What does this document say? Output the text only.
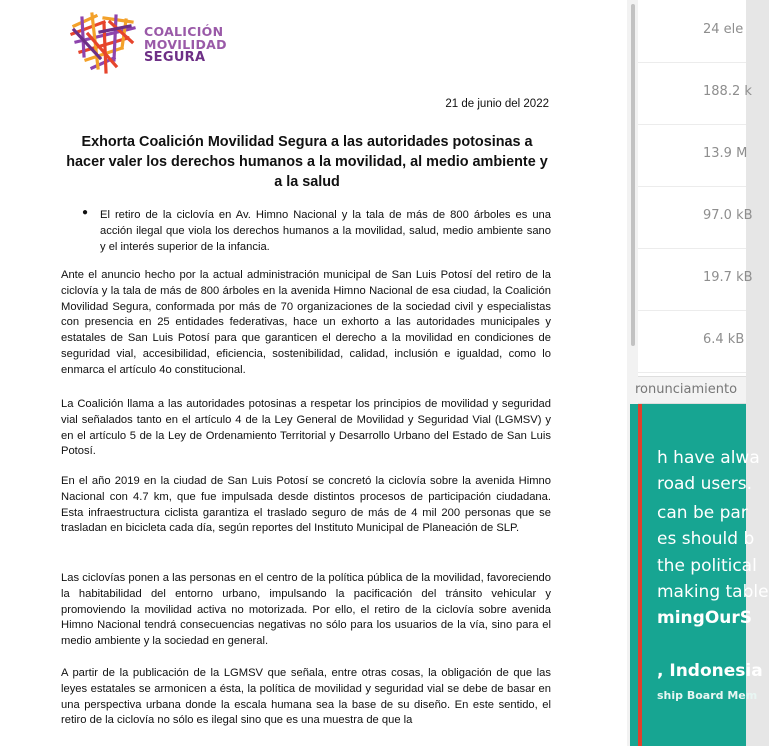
COALICIÓN
MOVILIDAD
SEGURA
21 de junio del 2022
Exhorta Coalición Movilidad Segura a las autoridades potosinas a hacer valer los derechos humanos a la movilidad, al medio ambiente y a la salud
● El retiro de la ciclovía en Av. Himno Nacional y la tala de más de 800 árboles es una acción ilegal que viola los derechos humanos a la movilidad, salud, medio ambiente sano y el interés superior de la infancia.

Ante el anuncio hecho por la actual administración municipal de San Luis Potosí del retiro de la ciclovía y la tala de más de 800 árboles en la avenida Himno Nacional de esa ciudad, la Coalición Movilidad Segura, conformada por más de 70 organizaciones de la sociedad civil y especialistas con presencia en 25 entidades federativas, hace un exhorto a las autoridades municipales y estatales de San Luis Potosí para que garanticen el derecho a la movilidad en condiciones de seguridad vial, accesibilidad, eficiencia, sostenibilidad, calidad, inclusión e igualdad, como lo enmarca el artículo 4o constitucional.

La Coalición llama a las autoridades potosinas a respetar los principios de movilidad y seguridad vial señalados tanto en el artículo 4 de la Ley General de Movilidad y Seguridad Vial (LGMSV) y en el artículo 5 de la Ley de Ordenamiento Territorial y Desarrollo Urbano del Estado de San Luis Potosí.

En el año 2019 en la ciudad de San Luis Potosí se concretó la ciclovía sobre la avenida Himno Nacional con 4.7 km, que fue impulsada desde distintos procesos de participación ciudadana. Esta infraestructura ciclista garantiza el traslado seguro de más de 4 mil 200 personas que se trasladan en bicicleta cada día, según reportes del Instituto Municipal de Planeación de SLP.

Las ciclovías ponen a las personas en el centro de la política pública de la movilidad, favoreciendo la habitabilidad del entorno urbano, impulsando la pacificación del tránsito vehicular y promoviendo la movilidad activa no motorizada. Por ello, el retiro de la ciclovía sobre avenida Himno Nacional tendrá consecuencias negativas no sólo para los usuarios de la vía, sino para el medio ambiente y la sociedad en general.

A partir de la publicación de la LGMSV que señala, entre otras cosas, la obligación de que las leyes estatales se armonicen a ésta, la política de movilidad y seguridad vial se debe de basar en una perspectiva urbana donde la escala humana sea la base de su diseño. En este sentido, el retiro de la ciclovía no sólo es ilegal sino que es una muestra de que la

24 ele
188.2 k
13.9 M
97.0 kB
19.7 kB
6.4 kB
ronunciamiento
h have alwa
road users.
can be par
es should b
the political
making table
mingOurS
, Indonesia
ship Board Mem
